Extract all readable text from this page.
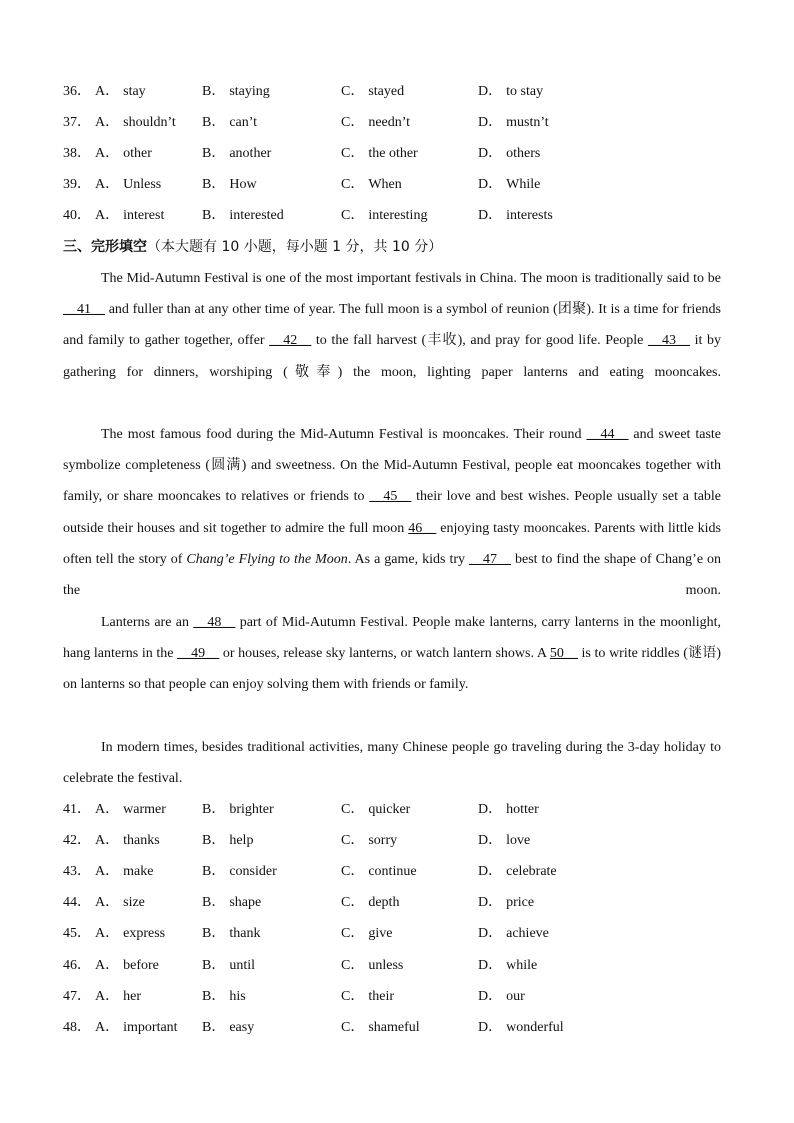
36． A． stay	B． staying	C． stayed	D． to stay
37． A． shouldn’t B． can’t	C． needn’t	D． mustn’t
38． A． other	B． another	C． the other	D． others
39． A． Unless	B． How	C． When	D． While
40． A． interest	B． interested	C． interesting	D． interests
三、完形填空（本大题有 10 小题，每小题 1 分，共 10 分）
The Mid-Autumn Festival is one of the most important festivals in China. The moon is traditionally said to be __41__ and fuller than at any other time of year. The full moon is a symbol of reunion (团聚). It is a time for friends and family to gather together, offer __42__ to the fall harvest (丰收), and pray for good life. People __43__ it by gathering for dinners, worshiping (敬奉) the moon, lighting paper lanterns and eating mooncakes.
The most famous food during the Mid-Autumn Festival is mooncakes. Their round __44__ and sweet taste symbolize completeness (圆满) and sweetness. On the Mid-Autumn Festival, people eat mooncakes together with family, or share mooncakes to relatives or friends to __45__ their love and best wishes. People usually set a table outside their houses and sit together to admire the full moon 46__ enjoying tasty mooncakes. Parents with little kids often tell the story of Chang’e Flying to the Moon. As a game, kids try __47__ best to find the shape of Chang’e on the moon.
Lanterns are an __48__ part of Mid-Autumn Festival. People make lanterns, carry lanterns in the moonlight, hang lanterns in the __49__ or houses, release sky lanterns, or watch lantern shows. A 50__ is to write riddles (谜语) on lanterns so that people can enjoy solving them with friends or family.
In modern times, besides traditional activities, many Chinese people go traveling during the 3-day holiday to celebrate the festival.
41． A． warmer	B． brighter	C． quicker	D． hotter
42． A． thanks	B． help	C． sorry	D． love
43． A． make	B． consider	C． continue	D． celebrate
44． A． size	B． shape	C． depth	D． price
45． A． express	B． thank	C． give	D． achieve
46． A． before	B． until	C． unless	D． while
47． A． her	B． his	C． their	D． our
48． A． important B． easy	C． shameful	D． wonderful
